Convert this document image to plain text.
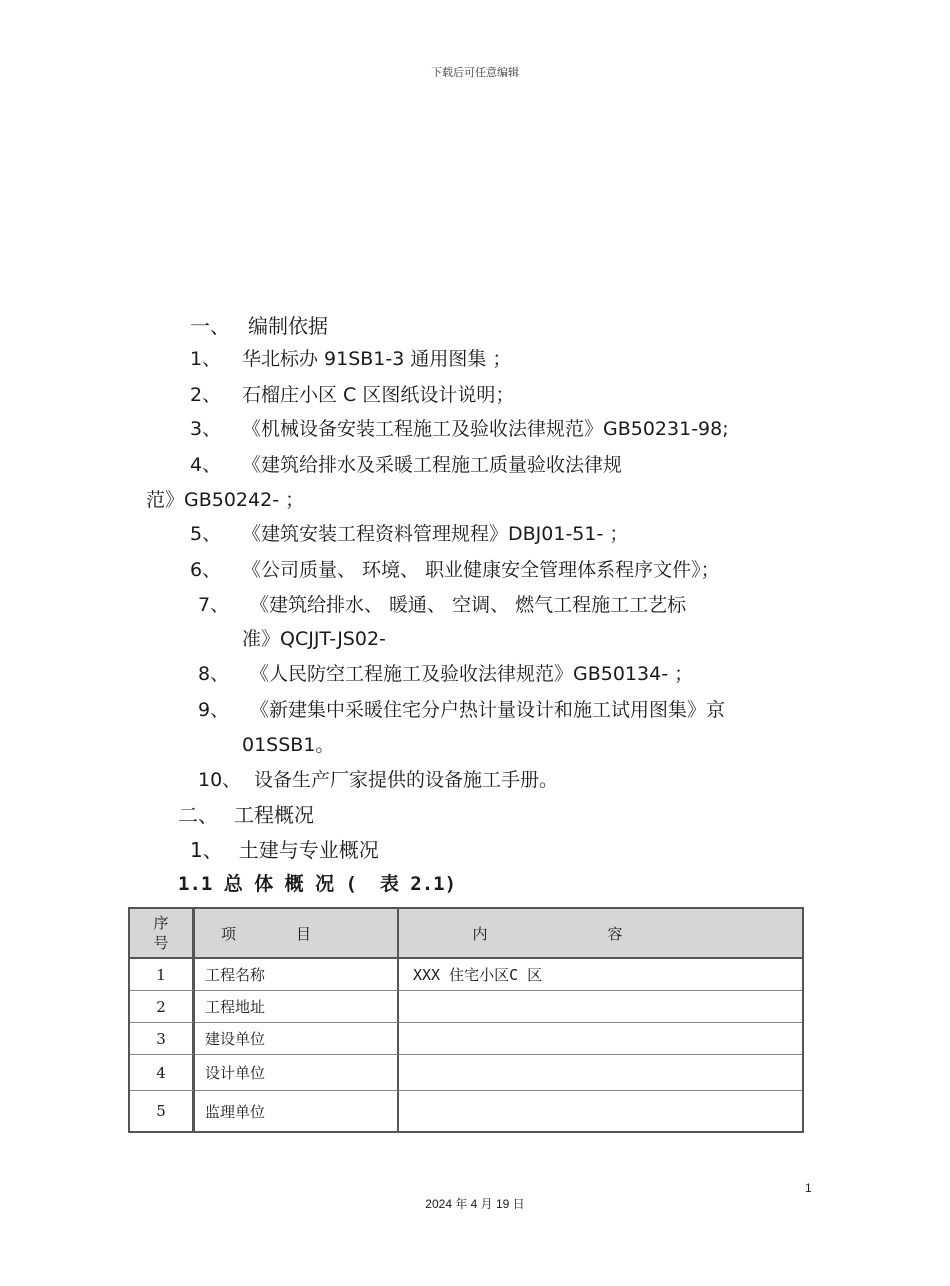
下载后可任意编辑
一、 编制依据
1、 华北标办 91SB1-3 通用图集 ；
2、 石榴庄小区 C 区图纸设计说明；
3、 《机械设备安装工程施工及验收法律规范》GB50231-98;
4、 《建筑给排水及采暖工程施工质量验收法律规
范》GB50242- ；
5、 《建筑安装工程资料管理规程》DBJ01-51- ；
6、 《公司质量、 环境、 职业健康安全管理体系程序文件》；
7、 《建筑给排水、 暖通、 空调、 燃气工程施工工艺标
准》QCJJT-JS02-
8、 《人民防空工程施工及验收法律规范》GB50134- ；
9、 《新建集中采暖住宅分户热计量设计和施工试用图集》京
01SSB1。
10、 设备生产厂家提供的设备施工手册。
二、 工程概况
1、 土建与专业概况
1.1 总 体 概 况 (  表 2.1)
序号	项目	内容
1	工程名称	XXX 住宅小区C 区
2	工程地址	
3	建设单位	
4	设计单位	
5	监理单位	
1
2024 年 4 月 19 日
